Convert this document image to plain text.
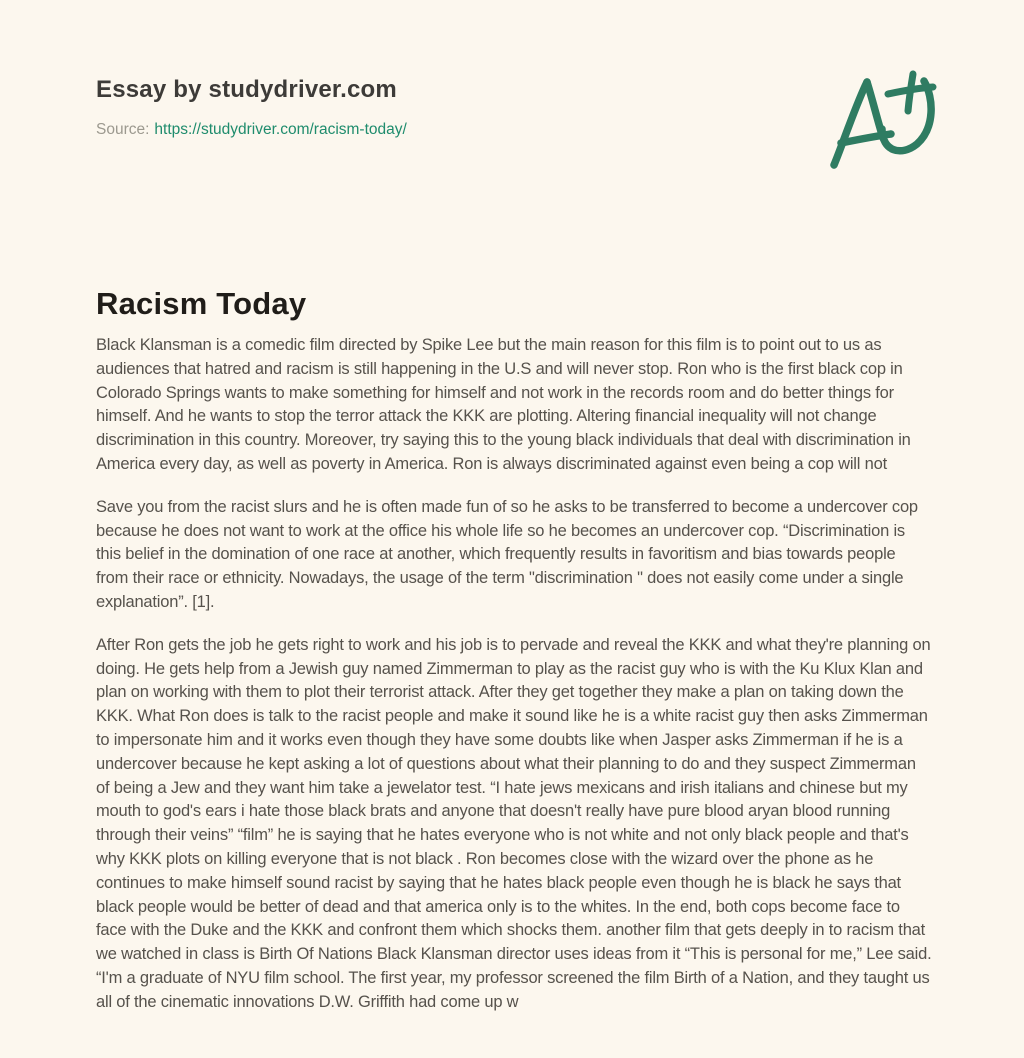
Essay by studydriver.com
Source: https://studydriver.com/racism-today/
Racism Today

Black Klansman is a comedic film directed by Spike Lee but the main reason for this film is to point out to us as audiences that hatred and racism is still happening in the U.S and will never stop. Ron who is the first black cop in Colorado Springs wants to make something for himself and not work in the records room and do better things for himself. And he wants to stop the terror attack the KKK are plotting. Altering financial inequality will not change discrimination in this country. Moreover, try saying this to the young black individuals that deal with discrimination in America every day, as well as poverty in America. Ron is always discriminated against even being a cop will not

Save you from the racist slurs and he is often made fun of so he asks to be transferred to become a undercover cop because he does not want to work at the office his whole life so he becomes an undercover cop. “Discrimination is this belief in the domination of one race at another, which frequently results in favoritism and bias towards people from their race or ethnicity. Nowadays, the usage of the term "discrimination " does not easily come under a single explanation”. [1].

After Ron gets the job he gets right to work and his job is to pervade and reveal the KKK and what they're planning on doing. He gets help from a Jewish guy named Zimmerman to play as the racist guy who is with the Ku Klux Klan and plan on working with them to plot their terrorist attack. After they get together they make a plan on taking down the KKK. What Ron does is talk to the racist people and make it sound like he is a white racist guy then asks Zimmerman to impersonate him and it works even though they have some doubts like when Jasper asks Zimmerman if he is a undercover because he kept asking a lot of questions about what their planning to do and they suspect Zimmerman of being a Jew and they want him take a jewelator test. “I hate jews mexicans and irish italians and chinese but my mouth to god's ears i hate those black brats and anyone that doesn't really have pure blood aryan blood running through their veins” “film” he is saying that he hates everyone who is not white and not only black people and that's why KKK plots on killing everyone that is not black . Ron becomes close with the wizard over the phone as he continues to make himself sound racist by saying that he hates black people even though he is black he says that black people would be better of dead and that america only is to the whites. In the end, both cops become face to face with the Duke and the KKK and confront them which shocks them. another film that gets deeply in to racism that we watched in class is Birth Of Nations Black Klansman director uses ideas from it “This is personal for me,” Lee said. “I'm a graduate of NYU film school. The first year, my professor screened the film Birth of a Nation, and they taught us all of the cinematic innovations D.W. Griffith had come up w
